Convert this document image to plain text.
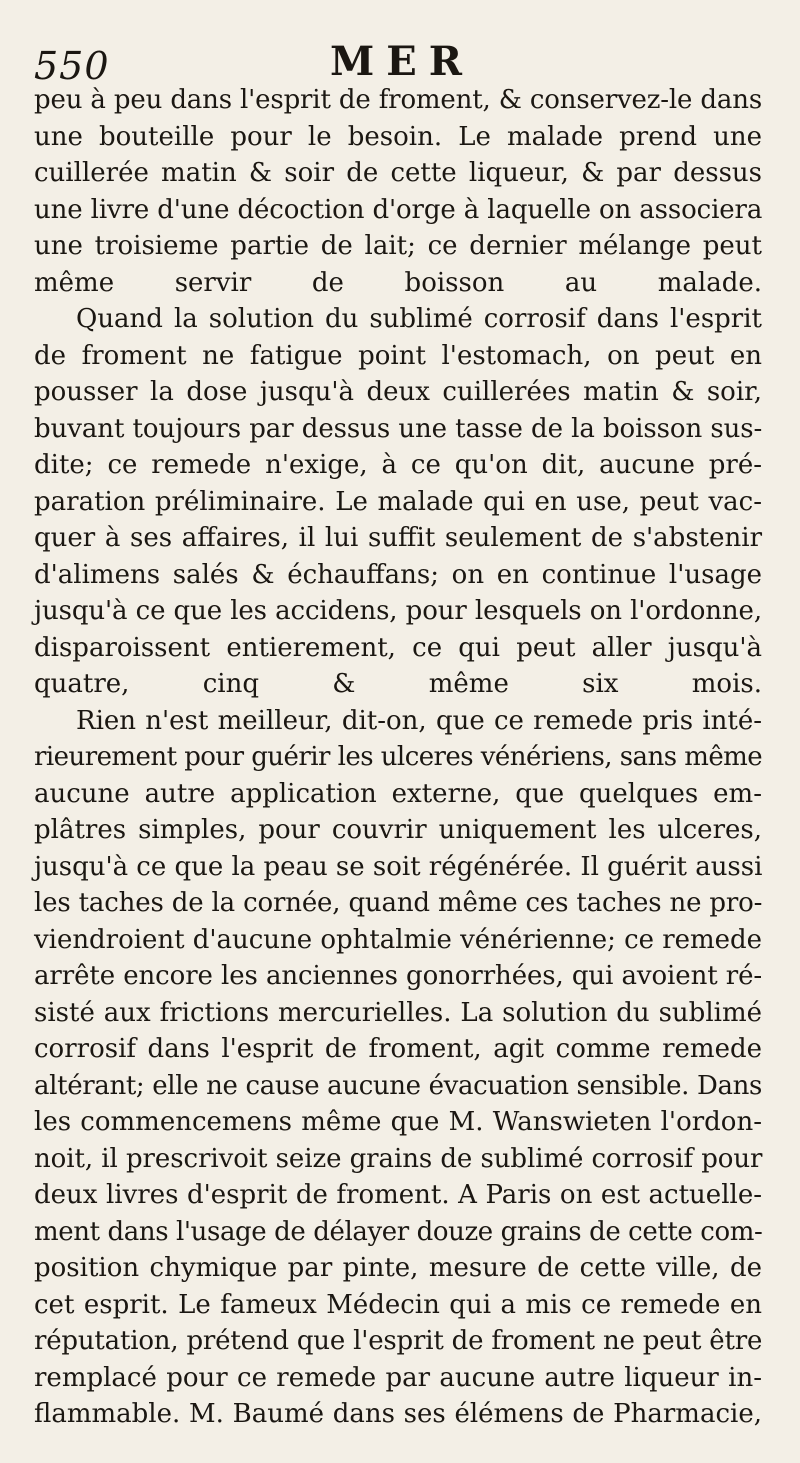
550	MER
peu à peu dans l'esprit de froment, & conservez-le dans
une bouteille pour le besoin. Le malade prend une
cuillerée matin & soir de cette liqueur, & par dessus
une livre d'une décoction d'orge à laquelle on associera
une troisieme partie de lait; ce dernier mélange peut
même servir de boisson au malade.
Quand la solution du sublimé corrosif dans l'esprit
de froment ne fatigue point l'estomach, on peut en
pousser la dose jusqu'à deux cuillerées matin & soir,
buvant toujours par dessus une tasse de la boisson sus-
dite; ce remede n'exige, à ce qu'on dit, aucune pré-
paration préliminaire. Le malade qui en use, peut vac-
quer à ses affaires, il lui suffit seulement de s'abstenir
d'alimens salés & échauffans; on en continue l'usage
jusqu'à ce que les accidens, pour lesquels on l'ordonne,
disparoissent entierement, ce qui peut aller jusqu'à
quatre, cinq & même six mois.
Rien n'est meilleur, dit-on, que ce remede pris inté-
rieurement pour guérir les ulceres vénériens, sans même
aucune autre application externe, que quelques em-
plâtres simples, pour couvrir uniquement les ulceres,
jusqu'à ce que la peau se soit régénérée. Il guérit aussi
les taches de la cornée, quand même ces taches ne pro-
viendroient d'aucune ophtalmie vénérienne; ce remede
arrête encore les anciennes gonorrhées, qui avoient ré-
sisté aux frictions mercurielles. La solution du sublimé
corrosif dans l'esprit de froment, agit comme remede
altérant; elle ne cause aucune évacuation sensible. Dans
les commencemens même que M. Wanswieten l'ordon-
noit, il prescrivoit seize grains de sublimé corrosif pour
deux livres d'esprit de froment. A Paris on est actuelle-
ment dans l'usage de délayer douze grains de cette com-
position chymique par pinte, mesure de cette ville, de
cet esprit. Le fameux Médecin qui a mis ce remede en
réputation, prétend que l'esprit de froment ne peut être
remplacé pour ce remede par aucune autre liqueur in-
flammable. M. Baumé dans ses élémens de Pharmacie,
